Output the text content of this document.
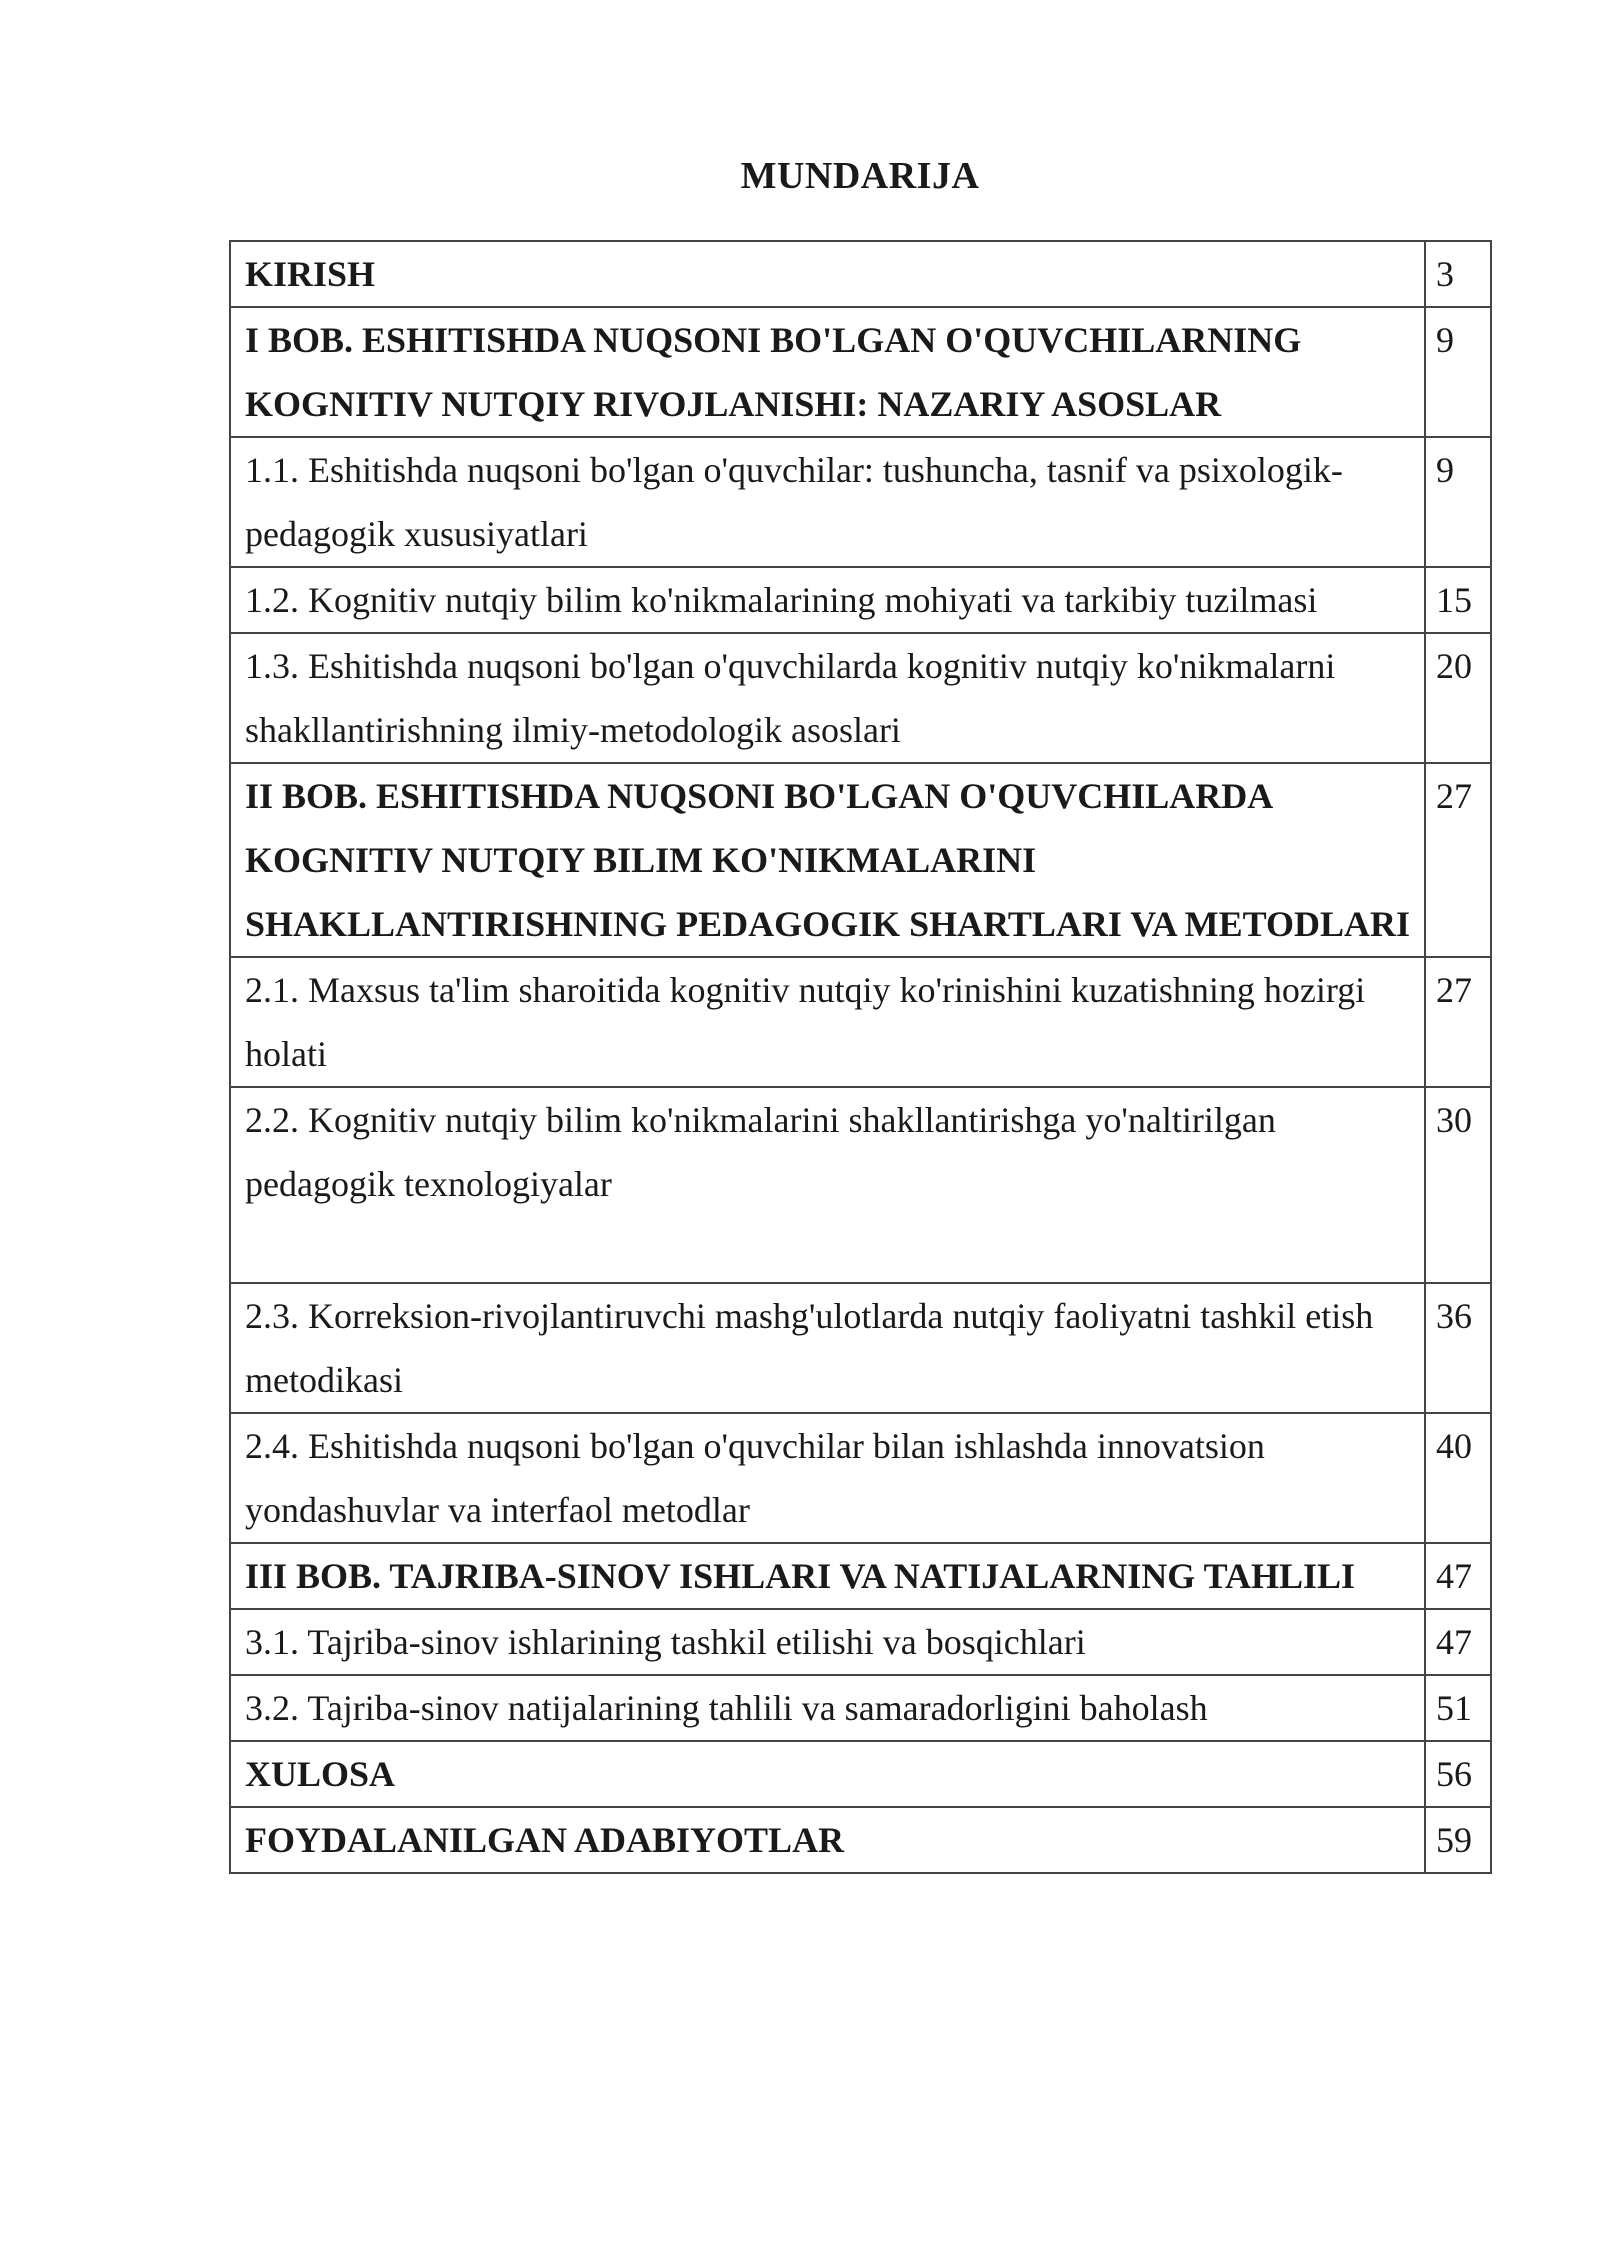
MUNDARIJA
KIRISH	3
I BOB. ESHITISHDA NUQSONI BO'LGAN O'QUVCHILARNING KOGNITIV NUTQIY RIVOJLANISHI: NAZARIY ASOSLAR	9
1.1. Eshitishda nuqsoni bo'lgan o'quvchilar: tushuncha, tasnif va psixologik-pedagogik xususiyatlari	9
1.2. Kognitiv nutqiy bilim ko'nikmalarining mohiyati va tarkibiy tuzilmasi	15
1.3. Eshitishda nuqsoni bo'lgan o'quvchilarda kognitiv nutqiy ko'nikmalarni shakllantirishning ilmiy-metodologik asoslari	20
II BOB. ESHITISHDA NUQSONI BO'LGAN O'QUVCHILARDA KOGNITIV NUTQIY BILIM KO'NIKMALARINI SHAKLLANTIRISHNING PEDAGOGIK SHARTLARI VA METODLARI	27
2.1. Maxsus ta'lim sharoitida kognitiv nutqiy ko'rinishini kuzatishning hozirgi holati	27
2.2. Kognitiv nutqiy bilim ko'nikmalarini shakllantirishga yo'naltirilgan pedagogik texnologiyalar	30
2.3. Korreksion-rivojlantiruvchi mashg'ulotlarda nutqiy faoliyatni tashkil etish metodikasi	36
2.4. Eshitishda nuqsoni bo'lgan o'quvchilar bilan ishlashda innovatsion yondashuvlar va interfaol metodlar	40
III BOB. TAJRIBA-SINOV ISHLARI VA NATIJALARNING TAHLILI	47
3.1. Tajriba-sinov ishlarining tashkil etilishi va bosqichlari	47
3.2. Tajriba-sinov natijalarining tahlili va samaradorligini baholash	51
XULOSA	56
FOYDALANILGAN ADABIYOTLAR	59
